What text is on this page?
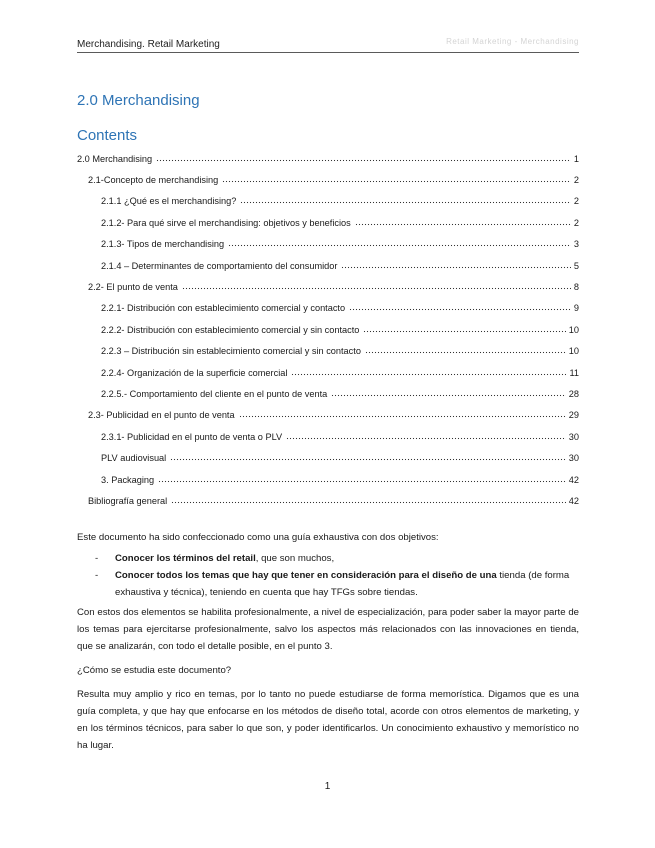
Merchandising. Retail Marketing	Retail Marketing - Merchandising
2.0 Merchandising
Contents
2.0 Merchandising	1
2.1-Concepto de merchandising	2
2.1.1 ¿Qué es el merchandising?	2
2.1.2- Para qué sirve el merchandising: objetivos y beneficios	2
2.1.3- Tipos de merchandising	3
2.1.4 – Determinantes de comportamiento del consumidor	5
2.2- El punto de venta	8
2.2.1- Distribución con establecimiento comercial y contacto	9
2.2.2- Distribución con establecimiento comercial y sin contacto	10
2.2.3 – Distribución sin establecimiento comercial y sin contacto	10
2.2.4- Organización de la superficie comercial	11
2.2.5.- Comportamiento del cliente en el punto de venta	28
2.3- Publicidad en el punto de venta	29
2.3.1- Publicidad en el punto de venta o PLV	30
PLV audiovisual	30
3. Packaging	42
Bibliografía general	42
Este documento ha sido confeccionado como una guía exhaustiva con dos objetivos:
- Conocer los términos del retail, que son muchos,
- Conocer todos los temas que hay que tener en consideración para el diseño de una tienda (de forma exhaustiva y técnica), teniendo en cuenta que hay TFGs sobre tiendas.
Con estos dos elementos se habilita profesionalmente, a nivel de especialización, para poder saber la mayor parte de los temas para ejercitarse profesionalmente, salvo los aspectos más relacionados con las innovaciones en tienda, que se analizarán, con todo el detalle posible, en el punto 3.
¿Cómo se estudia este documento?
Resulta muy amplio y rico en temas, por lo tanto no puede estudiarse de forma memorística. Digamos que es una guía completa, y que hay que enfocarse en los métodos de diseño total, acorde con otros elementos de marketing, y en los términos técnicos, para saber lo que son, y poder identificarlos. Un conocimiento exhaustivo y memorístico no ha lugar.
1
